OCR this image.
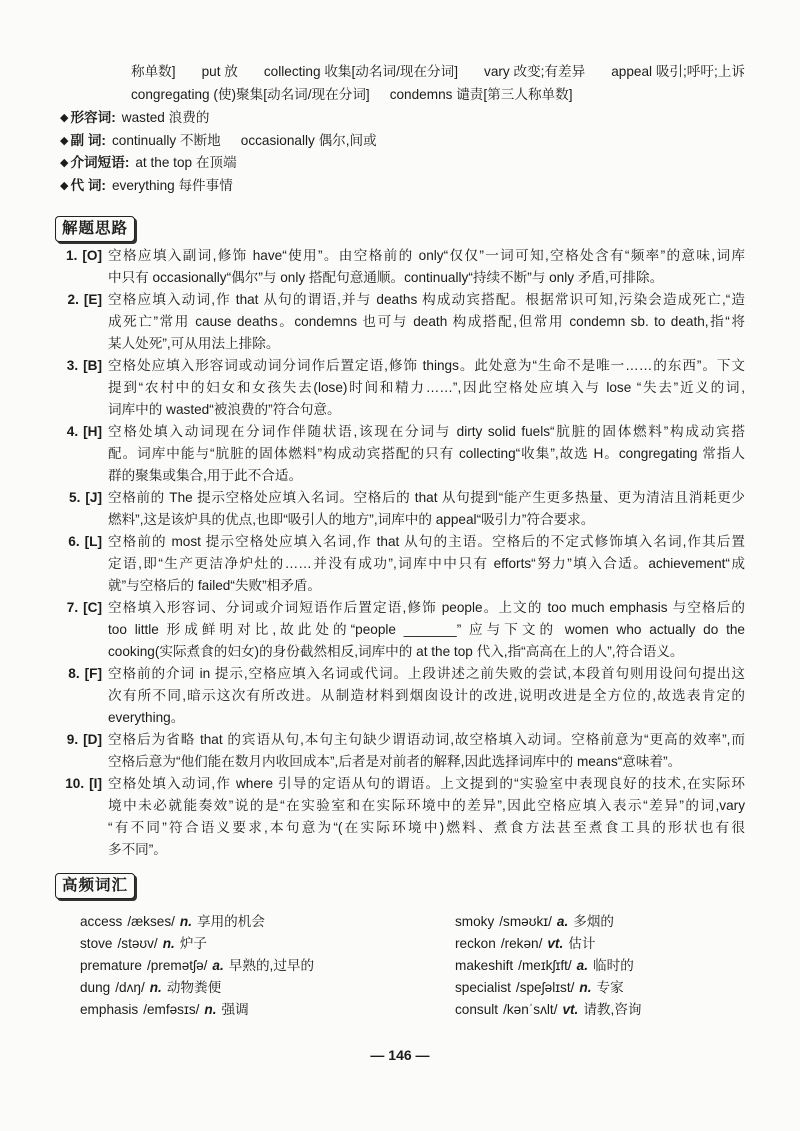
称单数] put 放 collecting 收集[动名词/现在分词] vary 改变;有差异 appeal 吸引;呼吁;上诉
congregating (使)聚集[动名词/现在分词] condemns 谴责[第三人称单数]
◆ 形容词: wasted 浪费的
◆ 副 词: continually 不断地 occasionally 偶尔,间或
◆ 介词短语: at the top 在顶端
◆ 代 词: everything 每件事情
解题思路
1. [O] 空格应填入副词,修饰 have“使用”。由空格前的 only“仅仅”一词可知,空格处含有“频率”的意味,词库
中只有 occasionally“偶尔”与 only 搭配句意通顺。continually“持续不断”与 only 矛盾,可排除。
2. [E] 空格应填入动词,作 that 从句的谓语,并与 deaths 构成动宾搭配。根据常识可知,污染会造成死亡,“造
成死亡”常用 cause deaths。condemns 也可与 death 构成搭配,但常用 condemn sb. to death,指“将
某人处死”,可从用法上排除。
3. [B] 空格处应填入形容词或动词分词作后置定语,修饰 things。此处意为“生命不是唯一……的东西”。下文
提到“农村中的妇女和女孩失去(lose)时间和精力……”,因此空格处应填入与 lose “失去”近义的词,
词库中的 wasted“被浪费的”符合句意。
4. [H] 空格处填入动词现在分词作伴随状语,该现在分词与 dirty solid fuels“肮脏的固体燃料”构成动宾搭
配。词库中能与“肮脏的固体燃料”构成动宾搭配的只有 collecting“收集”,故选 H。congregating 常指人
群的聚集或集合,用于此不合适。
5. [J] 空格前的 The 提示空格处应填入名词。空格后的 that 从句提到“能产生更多热量、更为清洁且消耗更少
燃料”,这是该炉具的优点,也即“吸引人的地方”,词库中的 appeal“吸引力”符合要求。
6. [L] 空格前的 most 提示空格处应填入名词,作 that 从句的主语。空格后的不定式修饰填入名词,作其后置
定语,即“生产更洁净炉灶的……并没有成功”,词库中中只有 efforts“努力”填入合适。achievement“成
就”与空格后的 failed“失败”相矛盾。
7. [C] 空格填入形容词、分词或介词短语作后置定语,修饰 people。上文的 too much emphasis 与空格后的
too little 形成鲜明对比,故此处的“people _______” 应与下文的 women who actually do the
cooking(实际煮食的妇女)的身份截然相反,词库中的 at the top 代入,指“高高在上的人”,符合语义。
8. [F] 空格前的介词 in 提示,空格应填入名词或代词。上段讲述之前失败的尝试,本段首句则用设问句提出这
次有所不同,暗示这次有所改进。从制造材料到烟囱设计的改进,说明改进是全方位的,故选表肯定的
everything。
9. [D] 空格后为省略 that 的宾语从句,本句主句缺少谓语动词,故空格填入动词。空格前意为“更高的效率”,而
空格后意为“他们能在数月内收回成本”,后者是对前者的解释,因此选择词库中的 means“意味着”。
10. [I] 空格处填入动词,作 where 引导的定语从句的谓语。上文提到的“实验室中表现良好的技术,在实际环
境中未必就能奏效”说的是“在实验室和在实际环境中的差异”,因此空格应填入表示“差异”的词,vary
“有不同”符合语义要求,本句意为“(在实际环境中)燃料、煮食方法甚至煮食工具的形状也有很
多不同”。
高频词汇
access /ækses/ n. 享用的机会
stove /stəʊv/ n. 炉子
premature /premətʃə/ a. 早熟的,过早的
dung /dʌŋ/ n. 动物粪便
emphasis /emfəsɪs/ n. 强调
smoky /sməʊkɪ/ a. 多烟的
reckon /rekən/ vt. 估计
makeshift /meɪkʃɪft/ a. 临时的
specialist /speʃəlɪst/ n. 专家
consult /kənˈsʌlt/ vt. 请教,咨询
— 146 —
